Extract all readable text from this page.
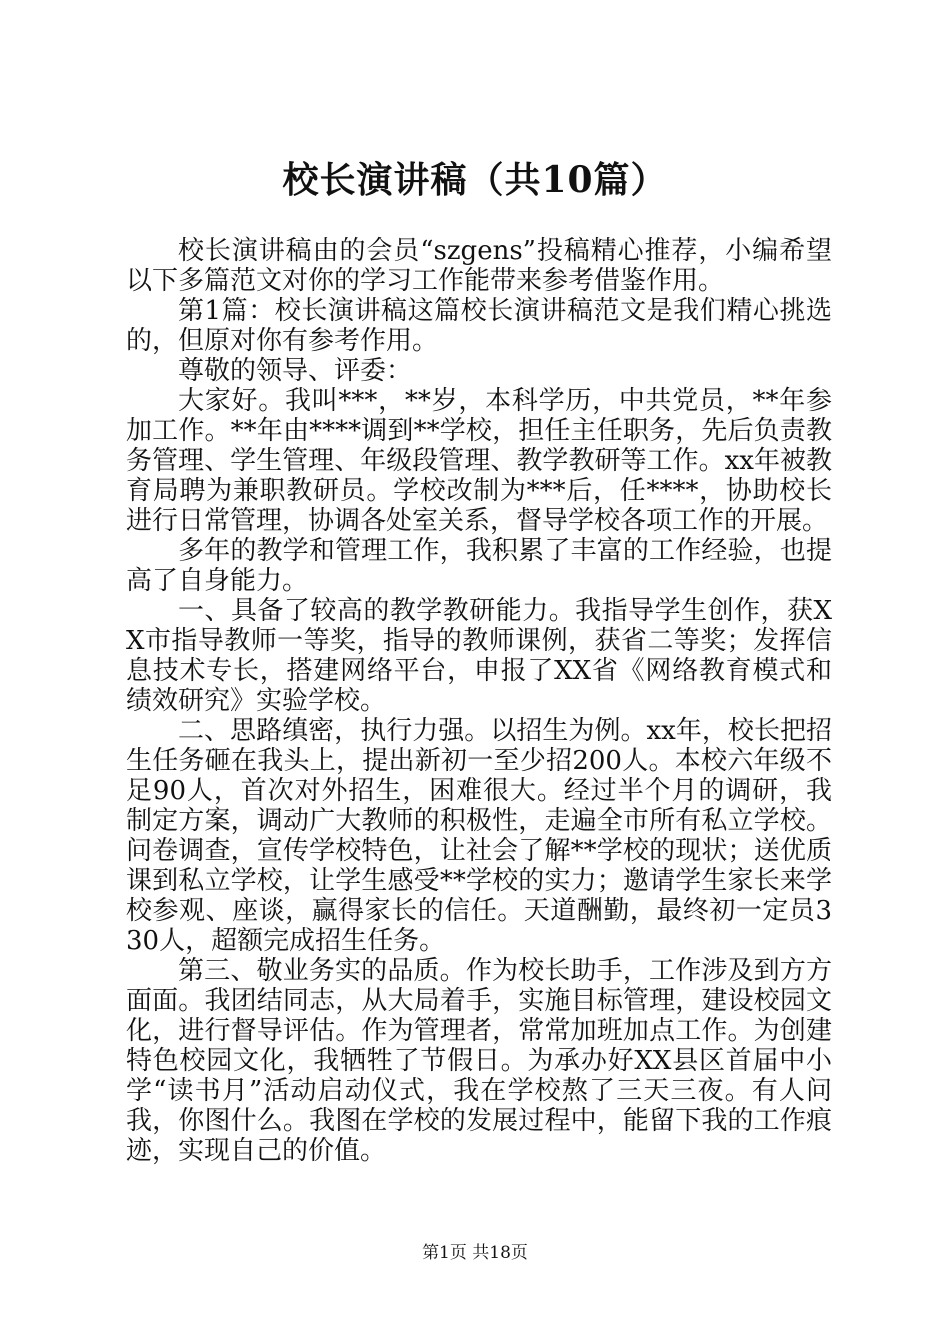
校长演讲稿（共10篇）

校长演讲稿由的会员“szgens”投稿精心推荐，小编希望以下多篇范文对你的学习工作能带来参考借鉴作用。

第1篇：校长演讲稿这篇校长演讲稿范文是我们精心挑选的，但原对你有参考作用。

尊敬的领导、评委：

大家好。我叫***，**岁，本科学历，中共党员，**年参加工作。**年由****调到**学校，担任主任职务，先后负责教务管理、学生管理、年级段管理、教学教研等工作。xx年被教育局聘为兼职教研员。学校改制为***后，任****，协助校长进行日常管理，协调各处室关系，督导学校各项工作的开展。

多年的教学和管理工作，我积累了丰富的工作经验，也提高了自身能力。

一、具备了较高的教学教研能力。我指导学生创作，获XX市指导教师一等奖，指导的教师课例，获省二等奖；发挥信息技术专长，搭建网络平台，申报了XX省《网络教育模式和绩效研究》实验学校。

二、思路缜密，执行力强。以招生为例。xx年，校长把招生任务砸在我头上，提出新初一至少招200人。本校六年级不足90人，首次对外招生，困难很大。经过半个月的调研，我制定方案，调动广大教师的积极性，走遍全市所有私立学校。问卷调查，宣传学校特色，让社会了解**学校的现状；送优质课到私立学校，让学生感受**学校的实力；邀请学生家长来学校参观、座谈，赢得家长的信任。天道酬勤，最终初一定员330人，超额完成招生任务。

第三、敬业务实的品质。作为校长助手，工作涉及到方方面面。我团结同志，从大局着手，实施目标管理，建设校园文化，进行督导评估。作为管理者，常常加班加点工作。为创建特色校园文化，我牺牲了节假日。为承办好XX县区首届中小学“读书月”活动启动仪式，我在学校熬了三天三夜。有人问我，你图什么。我图在学校的发展过程中，能留下我的工作痕迹，实现自己的价值。

第1页 共18页
